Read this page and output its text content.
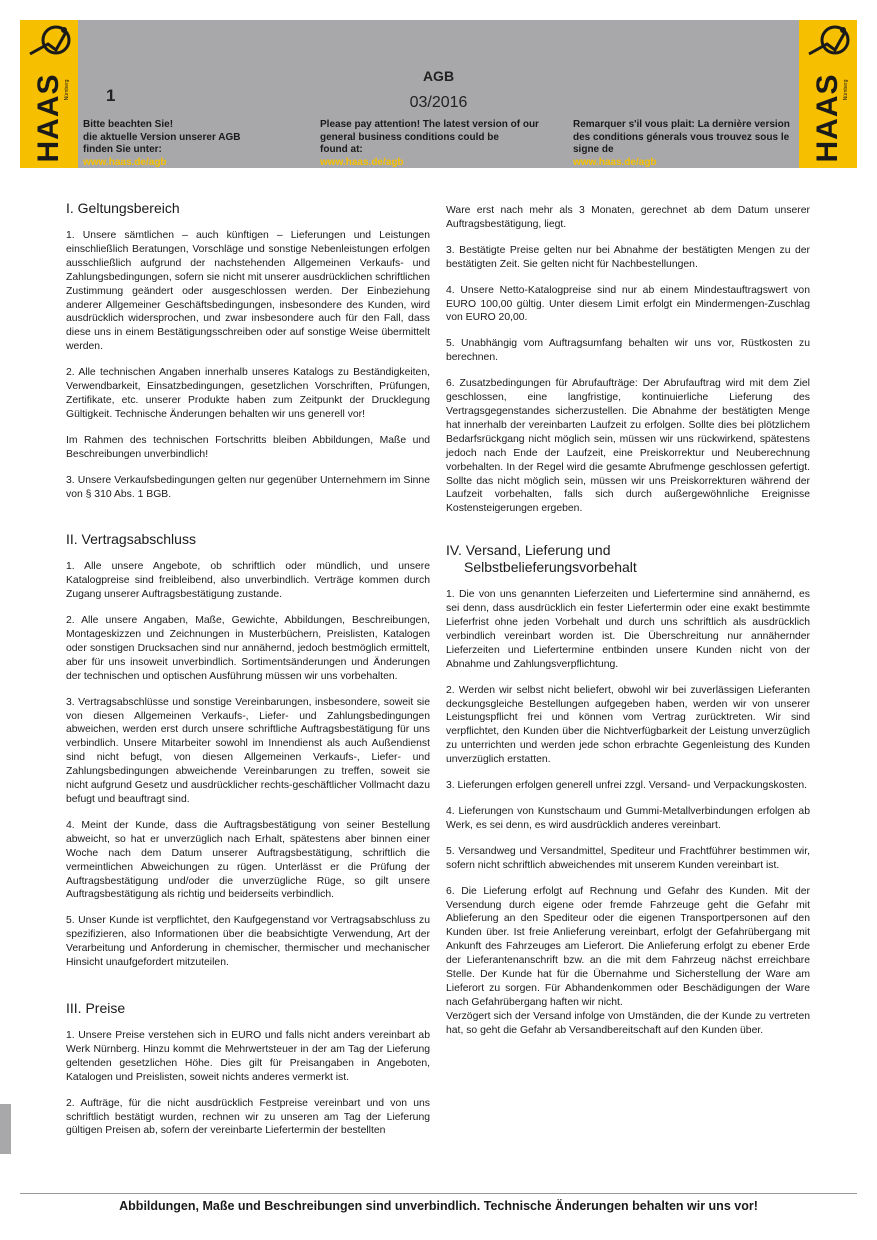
HAAS Nürnberg 1
AGB
03/2016
Bitte beachten Sie!
die aktuelle Version unserer AGB
finden Sie unter:
www.haas.de/agb
Please pay attention! The latest version of our
general business conditions could be
found at:
www.haas.de/agb
Remarquer s'il vous plait: La dernière version
des conditions génerals vous trouvez sous le
signe de
www.haas.de/agb	HAAS Nürnberg
I. Geltungsbereich

1. Unsere sämtlichen – auch künftigen – Lieferungen und Leistungen einschließlich Beratungen, Vorschläge und sonstige Nebenleistungen erfolgen ausschließlich aufgrund der nachstehenden Allgemeinen Verkaufs- und Zahlungsbedingungen, sofern sie nicht mit unserer ausdrücklichen schriftlichen Zustimmung geändert oder ausgeschlossen werden. Der Einbeziehung anderer Allgemeiner Geschäftsbedingungen, insbesondere des Kunden, wird ausdrücklich widersprochen, und zwar insbesondere auch für den Fall, dass diese uns in einem Bestätigungsschreiben oder auf sonstige Weise übermittelt werden.

2. Alle technischen Angaben innerhalb unseres Katalogs zu Beständigkeiten, Verwendbarkeit, Einsatzbedingungen, gesetzlichen Vorschriften, Prüfungen, Zertifikate, etc. unserer Produkte haben zum Zeitpunkt der Drucklegung Gültigkeit. Technische Änderungen behalten wir uns generell vor!

Im Rahmen des technischen Fortschritts bleiben Abbildungen, Maße und Beschreibungen unverbindlich!

3. Unsere Verkaufsbedingungen gelten nur gegenüber Unternehmern im Sinne von § 310 Abs. 1 BGB.

II. Vertragsabschluss

1. Alle unsere Angebote, ob schriftlich oder mündlich, und unsere Katalogpreise sind freibleibend, also unverbindlich. Verträge kommen durch Zugang unserer Auftragsbestätigung zustande.

2. Alle unsere Angaben, Maße, Gewichte, Abbildungen, Beschreibungen, Montageskizzen und Zeichnungen in Musterbüchern, Preislisten, Katalogen oder sonstigen Drucksachen sind nur annähernd, jedoch bestmöglich ermittelt, aber für uns insoweit unverbindlich. Sortimentsänderungen und Änderungen der technischen und optischen Ausführung müssen wir uns vorbehalten.

3. Vertragsabschlüsse und sonstige Vereinbarungen, insbesondere, soweit sie von diesen Allgemeinen Verkaufs-, Liefer- und Zahlungsbedingungen abweichen, werden erst durch unsere schriftliche Auftragsbestätigung für uns verbindlich. Unsere Mitarbeiter sowohl im Innendienst als auch Außendienst sind nicht befugt, von diesen Allgemeinen Verkaufs-, Liefer- und Zahlungsbedingungen abweichende Vereinbarungen zu treffen, soweit sie nicht aufgrund Gesetz und ausdrücklicher rechts-geschäftlicher Vollmacht dazu befugt und beauftragt sind.

4. Meint der Kunde, dass die Auftragsbestätigung von seiner Bestellung abweicht, so hat er unverzüglich nach Erhalt, spätestens aber binnen einer Woche nach dem Datum unserer Auftragsbestätigung, schriftlich die vermeintlichen Abweichungen zu rügen. Unterlässt er die Prüfung der Auftragsbestätigung und/oder die unverzügliche Rüge, so gilt unsere Auftragsbestätigung als richtig und beiderseits verbindlich.

5. Unser Kunde ist verpflichtet, den Kaufgegenstand vor Vertragsabschluss zu spezifizieren, also Informationen über die beabsichtigte Verwendung, Art der Verarbeitung und Anforderung in chemischer, thermischer und mechanischer Hinsicht unaufgefordert mitzuteilen.

III. Preise

1. Unsere Preise verstehen sich in EURO und falls nicht anders vereinbart ab Werk Nürnberg. Hinzu kommt die Mehrwertsteuer in der am Tag der Lieferung geltenden gesetzlichen Höhe. Dies gilt für Preisangaben in Angeboten, Katalogen und Preislisten, soweit nichts anderes vermerkt ist.

2. Aufträge, für die nicht ausdrücklich Festpreise vereinbart und von uns schriftlich bestätigt wurden, rechnen wir zu unseren am Tag der Lieferung gültigen Preisen ab, sofern der vereinbarte Liefertermin der bestellten

Ware erst nach mehr als 3 Monaten, gerechnet ab dem Datum unserer Auftragsbestätigung, liegt.

3. Bestätigte Preise gelten nur bei Abnahme der bestätigten Mengen zu der bestätigten Zeit. Sie gelten nicht für Nachbestellungen.

4. Unsere Netto-Katalogpreise sind nur ab einem Mindestauftragswert von EURO 100,00 gültig. Unter diesem Limit erfolgt ein Mindermengen-Zuschlag von EURO 20,00.

5. Unabhängig vom Auftragsumfang behalten wir uns vor, Rüstkosten zu berechnen.

6. Zusatzbedingungen für Abrufaufträge: Der Abrufauftrag wird mit dem Ziel geschlossen, eine langfristige, kontinuierliche Lieferung des Vertragsgegenstandes sicherzustellen. Die Abnahme der bestätigten Menge hat innerhalb der vereinbarten Laufzeit zu erfolgen. Sollte dies bei plötzlichem Bedarfsrückgang nicht möglich sein, müssen wir uns rückwirkend, spätestens jedoch nach Ende der Laufzeit, eine Preiskorrektur und Neuberechnung vorbehalten. In der Regel wird die gesamte Abrufmenge geschlossen gefertigt. Sollte das nicht möglich sein, müssen wir uns Preiskorrekturen während der Laufzeit vorbehalten, falls sich durch außergewöhnliche Ereignisse Kostensteigerungen ergeben.

IV. Versand, Lieferung und
Selbstbelieferungsvorbehalt

1. Die von uns genannten Lieferzeiten und Liefertermine sind annähernd, es sei denn, dass ausdrücklich ein fester Liefertermin oder eine exakt bestimmte Lieferfrist ohne jeden Vorbehalt und durch uns schriftlich als ausdrücklich verbindlich vereinbart worden ist. Die Überschreitung nur annähernder Lieferzeiten und Liefertermine entbinden unsere Kunden nicht von der Abnahme und Zahlungsverpflichtung.

2. Werden wir selbst nicht beliefert, obwohl wir bei zuverlässigen Lieferanten deckungsgleiche Bestellungen aufgegeben haben, werden wir von unserer Leistungspflicht frei und können vom Vertrag zurücktreten. Wir sind verpflichtet, den Kunden über die Nichtverfügbarkeit der Leistung unverzüglich zu unterrichten und werden jede schon erbrachte Gegenleistung des Kunden unverzüglich erstatten.

3. Lieferungen erfolgen generell unfrei zzgl. Versand- und Verpackungskosten.

4. Lieferungen von Kunstschaum und Gummi-Metallverbindungen erfolgen ab Werk, es sei denn, es wird ausdrücklich anderes vereinbart.

5. Versandweg und Versandmittel, Spediteur und Frachtführer bestimmen wir, sofern nicht schriftlich abweichendes mit unserem Kunden vereinbart ist.

6. Die Lieferung erfolgt auf Rechnung und Gefahr des Kunden. Mit der Versendung durch eigene oder fremde Fahrzeuge geht die Gefahr mit Ablieferung an den Spediteur oder die eigenen Transportpersonen auf den Kunden über. Ist freie Anlieferung vereinbart, erfolgt der Gefahrübergang mit Ankunft des Fahrzeuges am Lieferort. Die Anlieferung erfolgt zu ebener Erde der Lieferantenanschrift bzw. an die mit dem Fahrzeug nächst erreichbare Stelle. Der Kunde hat für die Übernahme und Sicherstellung der Ware am Lieferort zu sorgen. Für Abhandenkommen oder Beschädigungen der Ware nach Gefahrübergang haften wir nicht.

Verzögert sich der Versand infolge von Umständen, die der Kunde zu vertreten hat, so geht die Gefahr ab Versandbereitschaft auf den Kunden über.

Abbildungen, Maße und Beschreibungen sind unverbindlich. Technische Änderungen behalten wir uns vor!
